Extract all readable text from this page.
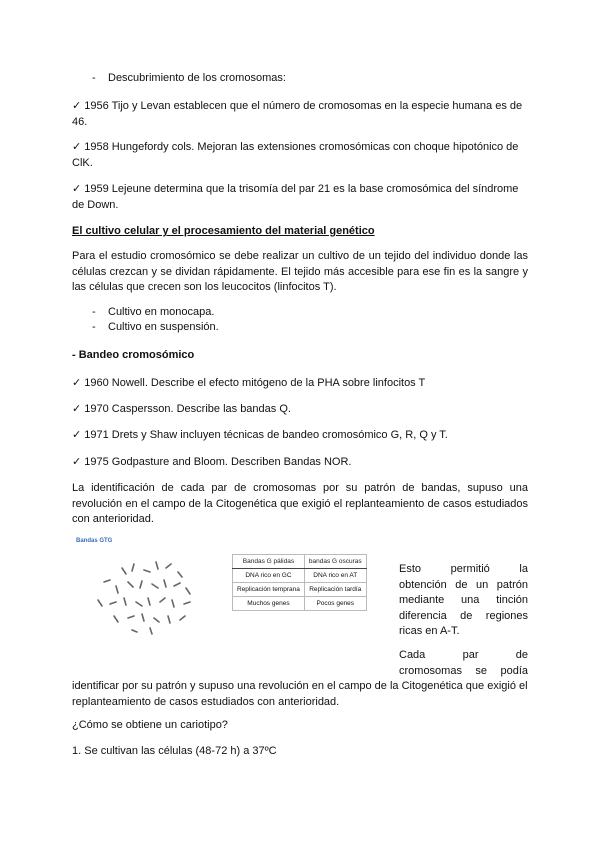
- Descubrimiento de los cromosomas:
✓ 1956 Tijo y Levan establecen que el número de cromosomas en la especie humana es de 46.
✓ 1958 Hungefordy cols. Mejoran las extensiones cromosómicas con choque hipotónico de ClK.
✓ 1959 Lejeune determina que la trisomía del par 21 es la base cromosómica del síndrome de Down.
El cultivo celular y el procesamiento del material genético
Para el estudio cromosómico se debe realizar un cultivo de un tejido del individuo donde las células crezcan y se dividan rápidamente. El tejido más accesible para ese fin es la sangre y las células que crecen son los leucocitos (linfocitos T).
- Cultivo en monocapa.
- Cultivo en suspensión.
- Bandeo cromosómico
✓ 1960 Nowell. Describe el efecto mitógeno de la PHA sobre linfocitos T
✓ 1970 Caspersson. Describe las bandas Q.
✓ 1971 Drets y Shaw incluyen técnicas de bandeo cromosómico G, R, Q y T.
✓ 1975 Godpasture and Bloom. Describen Bandas NOR.
La identificación de cada par de cromosomas por su patrón de bandas, supuso una revolución en el campo de la Citogenética que exigió el replanteamiento de casos estudiados con anterioridad.
Bandas GTG
Bandas G pálidas	bandas G oscuras
DNA rico en GC	DNA rico en AT
Replicación temprana	Replicación tardía
Muchos genes	Pocos genes
Esto permitió la
obtención de un patrón
mediante una tinción
diferencia de regiones
ricas en A-T.
Cada par de
cromosomas se podía
identificar por su patrón y supuso una revolución en el campo de la Citogenética que exigió el replanteamiento de casos estudiados con anterioridad.
¿Cómo se obtiene un cariotipo?
1. Se cultivan las células (48-72 h) a 37ºC
